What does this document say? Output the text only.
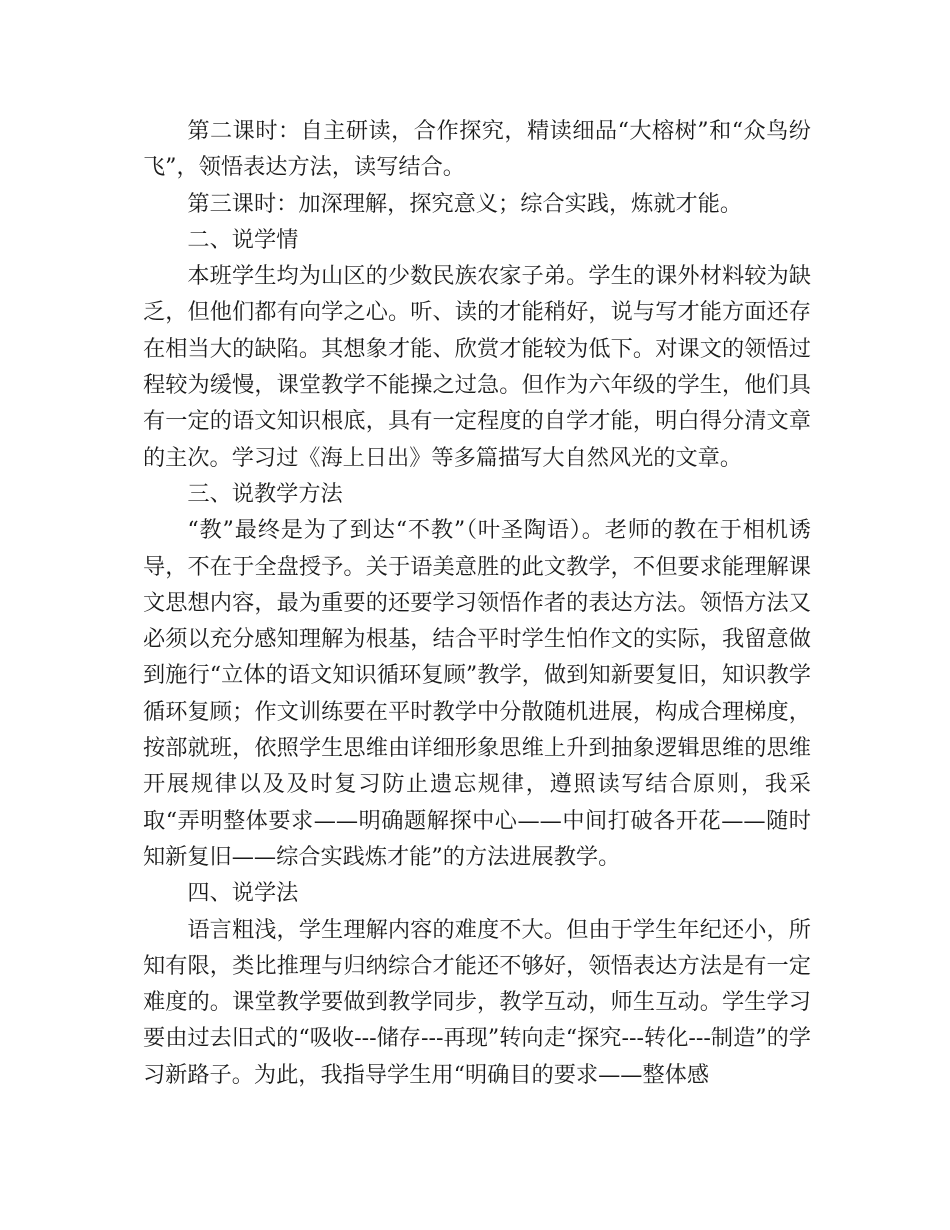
第二课时：自主研读，合作探究，精读细品“大榕树”和“众鸟纷飞”，领悟表达方法，读写结合。

第三课时：加深理解，探究意义；综合实践，炼就才能。

二、说学情

本班学生均为山区的少数民族农家子弟。学生的课外材料较为缺乏，但他们都有向学之心。听、读的才能稍好，说与写才能方面还存在相当大的缺陷。其想象才能、欣赏才能较为低下。对课文的领悟过程较为缓慢，课堂教学不能操之过急。但作为六年级的学生，他们具有一定的语文知识根底，具有一定程度的自学才能，明白得分清文章的主次。学习过《海上日出》等多篇描写大自然风光的文章。

三、说教学方法

“教”最终是为了到达“不教”（叶圣陶语）。老师的教在于相机诱导，不在于全盘授予。关于语美意胜的此文教学，不但要求能理解课文思想内容，最为重要的还要学习领悟作者的表达方法。领悟方法又必须以充分感知理解为根基，结合平时学生怕作文的实际，我留意做到施行“立体的语文知识循环复顾”教学，做到知新要复旧，知识教学循环复顾；作文训练要在平时教学中分散随机进展，构成合理梯度，按部就班，依照学生思维由详细形象思维上升到抽象逻辑思维的思维开展规律以及及时复习防止遗忘规律，遵照读写结合原则，我采取“弄明整体要求——明确题解探中心——中间打破各开花——随时知新复旧——综合实践炼才能”的方法进展教学。

四、说学法

语言粗浅，学生理解内容的难度不大。但由于学生年纪还小，所知有限，类比推理与归纳综合才能还不够好，领悟表达方法是有一定难度的。课堂教学要做到教学同步，教学互动，师生互动。学生学习要由过去旧式的“吸收---储存---再现”转向走“探究---转化---制造”的学习新路子。为此，我指导学生用“明确目的要求——整体感
